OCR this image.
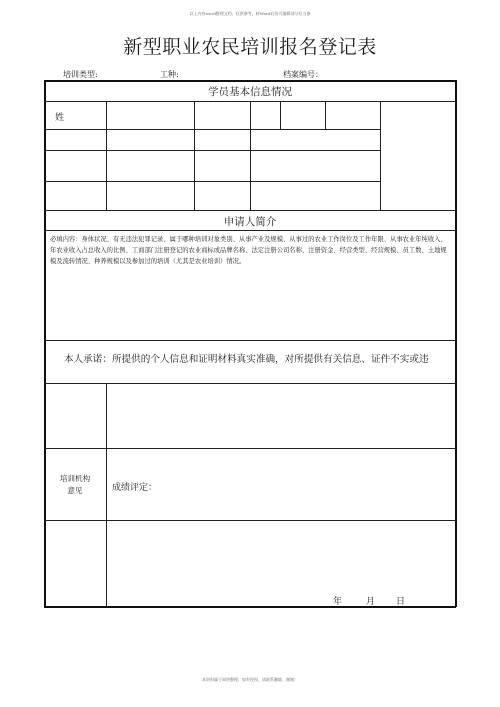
以上内容word整理文档，仅供参考，转Word后的可编辑部分仅当参
新型职业农民培训报名登记表
培训类型:	工种:	档案编号：
学员基本信息情况
姓
申请人简介
必填内容：身体状况、有无违法犯罪记录、属于哪种培训对象类别、从事产业及规模、从事过的农业工作岗位及工作年限、从事农业年纯收入、年农业收入占总收入的比例、工商部门注册登记的农业商标或品牌名称、法定注册公司名称、注册资金、经营类型、经营规模、员工数、土地规模及流转情况、种养规模以及参加过的培训（尤其是农业培训）情况。
本人承诺：所提供的个人信息和证明材料真实准确，对所提供有关信息、证件不实或违
培训机构
意见	成绩评定：
年	月 日
本资料属于网络整理，如有侵权，请联系删除，谢谢！
